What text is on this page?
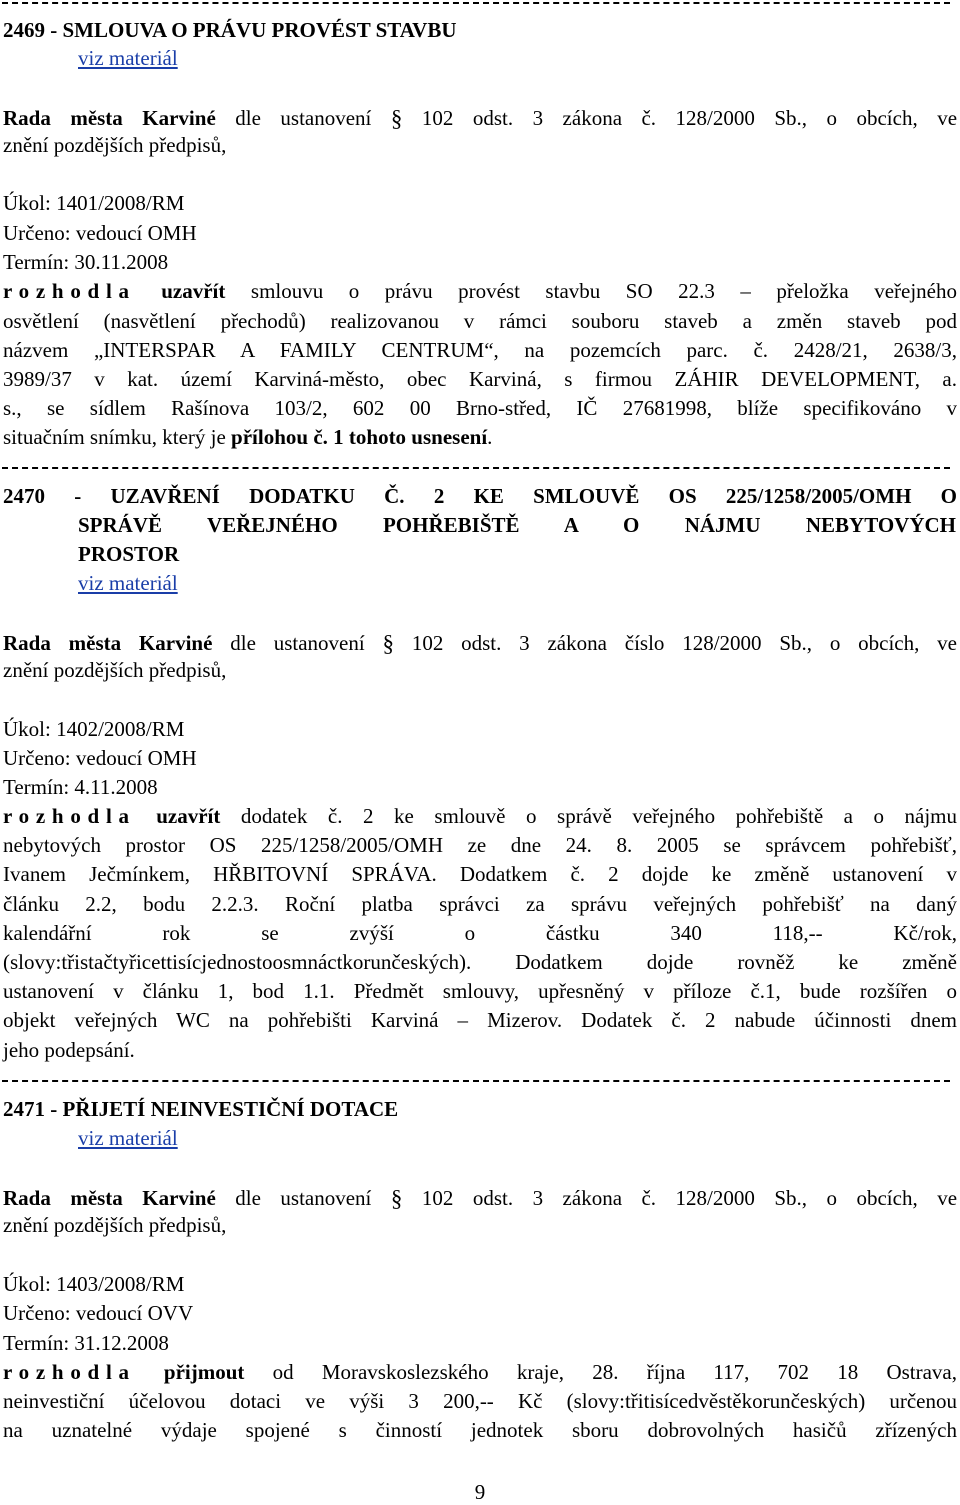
2469 - SMLOUVA O PRÁVU PROVÉST STAVBU
viz materiál
Rada města Karviné dle ustanovení § 102 odst. 3 zákona č. 128/2000 Sb., o obcích, ve
znění pozdějších předpisů,
Úkol: 1401/2008/RM
Určeno: vedoucí OMH
Termín: 30.11.2008
rozhodla uzavřít smlouvu o právu provést stavbu SO 22.3 – přeložka veřejného
osvětlení (nasvětlení přechodů) realizovanou v rámci souboru staveb a změn staveb pod
názvem „INTERSPAR A FAMILY CENTRUM“, na pozemcích parc. č. 2428/21, 2638/3,
3989/37 v kat. území Karviná-město, obec Karviná, s firmou ZÁHIR DEVELOPMENT, a.
s., se sídlem Rašínova 103/2, 602 00 Brno-střed, IČ 27681998, blíže specifikováno v
situačním snímku, který je přílohou č. 1 tohoto usnesení.
2470 - UZAVŘENÍ DODATKU Č. 2 KE SMLOUVĚ OS 225/1258/2005/OMH O
SPRÁVĚ VEŘEJNÉHO POHŘEBIŠTĚ A O NÁJMU NEBYTOVÝCH
PROSTOR
viz materiál
Rada města Karviné dle ustanovení § 102 odst. 3 zákona číslo 128/2000 Sb., o obcích, ve
znění pozdějších předpisů,
Úkol: 1402/2008/RM
Určeno: vedoucí OMH
Termín: 4.11.2008
rozhodla uzavřít dodatek č. 2 ke smlouvě o správě veřejného pohřebiště a o nájmu
nebytových prostor OS 225/1258/2005/OMH ze dne 24. 8. 2005 se správcem pohřebišť,
Ivanem Ječmínkem, HŘBITOVNÍ SPRÁVA. Dodatkem č. 2 dojde ke změně ustanovení v
článku 2.2, bodu 2.2.3. Roční platba správci za správu veřejných pohřebišť na daný
kalendářní rok se zvýší o částku 340 118,-- Kč/rok,
(slovy:třistačtyřicettisícjednostoosmnáctkorunčeských). Dodatkem dojde rovněž ke změně
ustanovení v článku 1, bod 1.1. Předmět smlouvy, upřesněný v příloze č.1, bude rozšířen o
objekt veřejných WC na pohřebišti Karviná – Mizerov. Dodatek č. 2 nabude účinnosti dnem
jeho podepsání.
2471 - PŘIJETÍ NEINVESTIČNÍ DOTACE
viz materiál
Rada města Karviné dle ustanovení § 102 odst. 3 zákona č. 128/2000 Sb., o obcích, ve
znění pozdějších předpisů,
Úkol: 1403/2008/RM
Určeno: vedoucí OVV
Termín: 31.12.2008
rozhodla přijmout od Moravskoslezského kraje, 28. října 117, 702 18 Ostrava,
neinvestiční účelovou dotaci ve výši 3 200,-- Kč (slovy:třitisícedvěstěkorunčeských) určenou
na uznatelné výdaje spojené s činností jednotek sboru dobrovolných hasičů zřízených
9
